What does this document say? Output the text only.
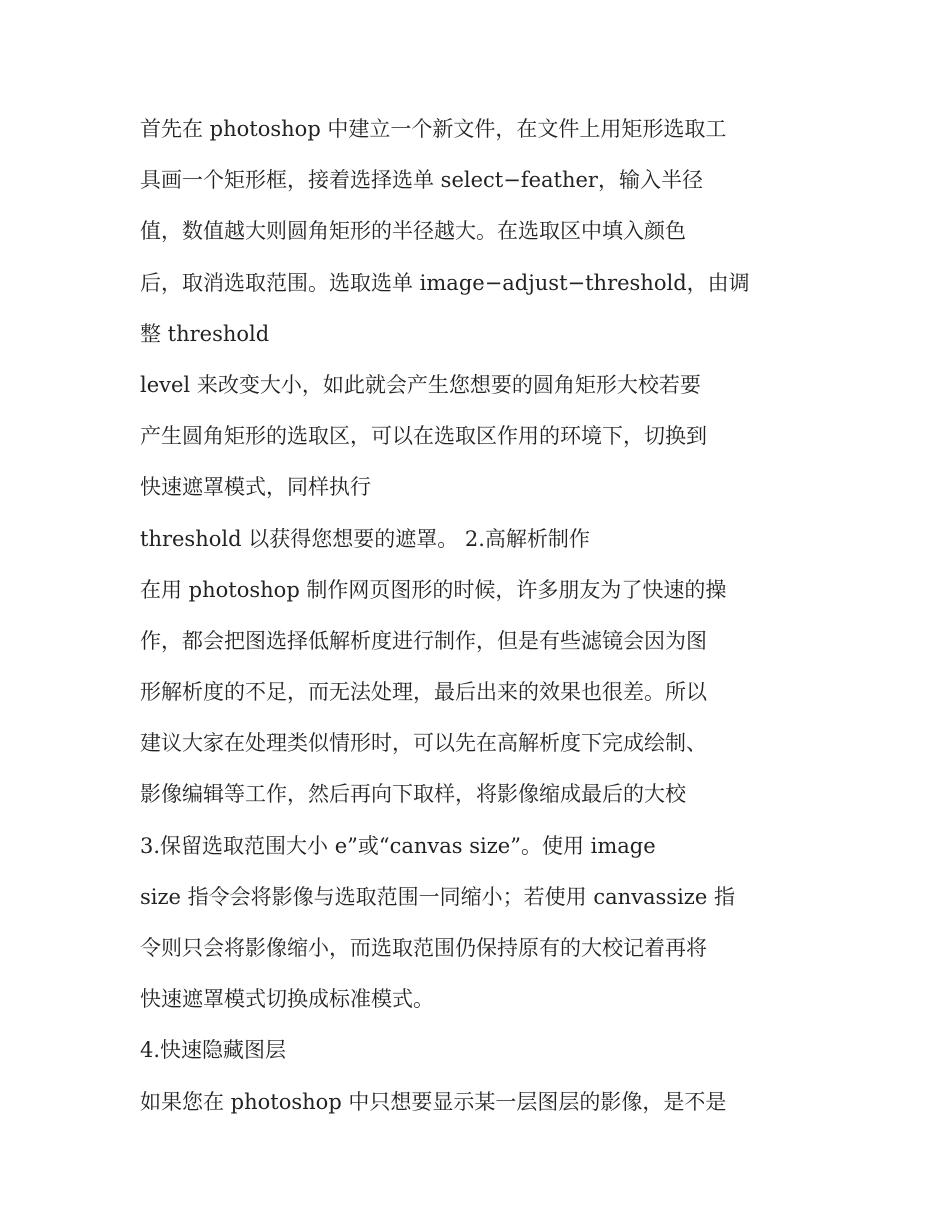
首先在 photoshop 中建立一个新文件，在文件上用矩形选取工
具画一个矩形框，接着选择选单 select−feather，输入半径
值，数值越大则圆角矩形的半径越大。在选取区中填入颜色
后，取消选取范围。选取选单 image−adjust−threshold，由调
整 threshold
level 来改变大小，如此就会产生您想要的圆角矩形大校若要
产生圆角矩形的选取区，可以在选取区作用的环境下，切换到
快速遮罩模式，同样执行
threshold 以获得您想要的遮罩。 2.高解析制作
在用 photoshop 制作网页图形的时候，许多朋友为了快速的操
作，都会把图选择低解析度进行制作，但是有些滤镜会因为图
形解析度的不足，而无法处理，最后出来的效果也很差。所以
建议大家在处理类似情形时，可以先在高解析度下完成绘制、
影像编辑等工作，然后再向下取样，将影像缩成最后的大校
3.保留选取范围大小 e”或“canvas size”。使用 image
size 指令会将影像与选取范围一同缩小；若使用 canvassize 指
令则只会将影像缩小，而选取范围仍保持原有的大校记着再将
快速遮罩模式切换成标准模式。
4.快速隐藏图层
如果您在 photoshop 中只想要显示某一层图层的影像，是不是
